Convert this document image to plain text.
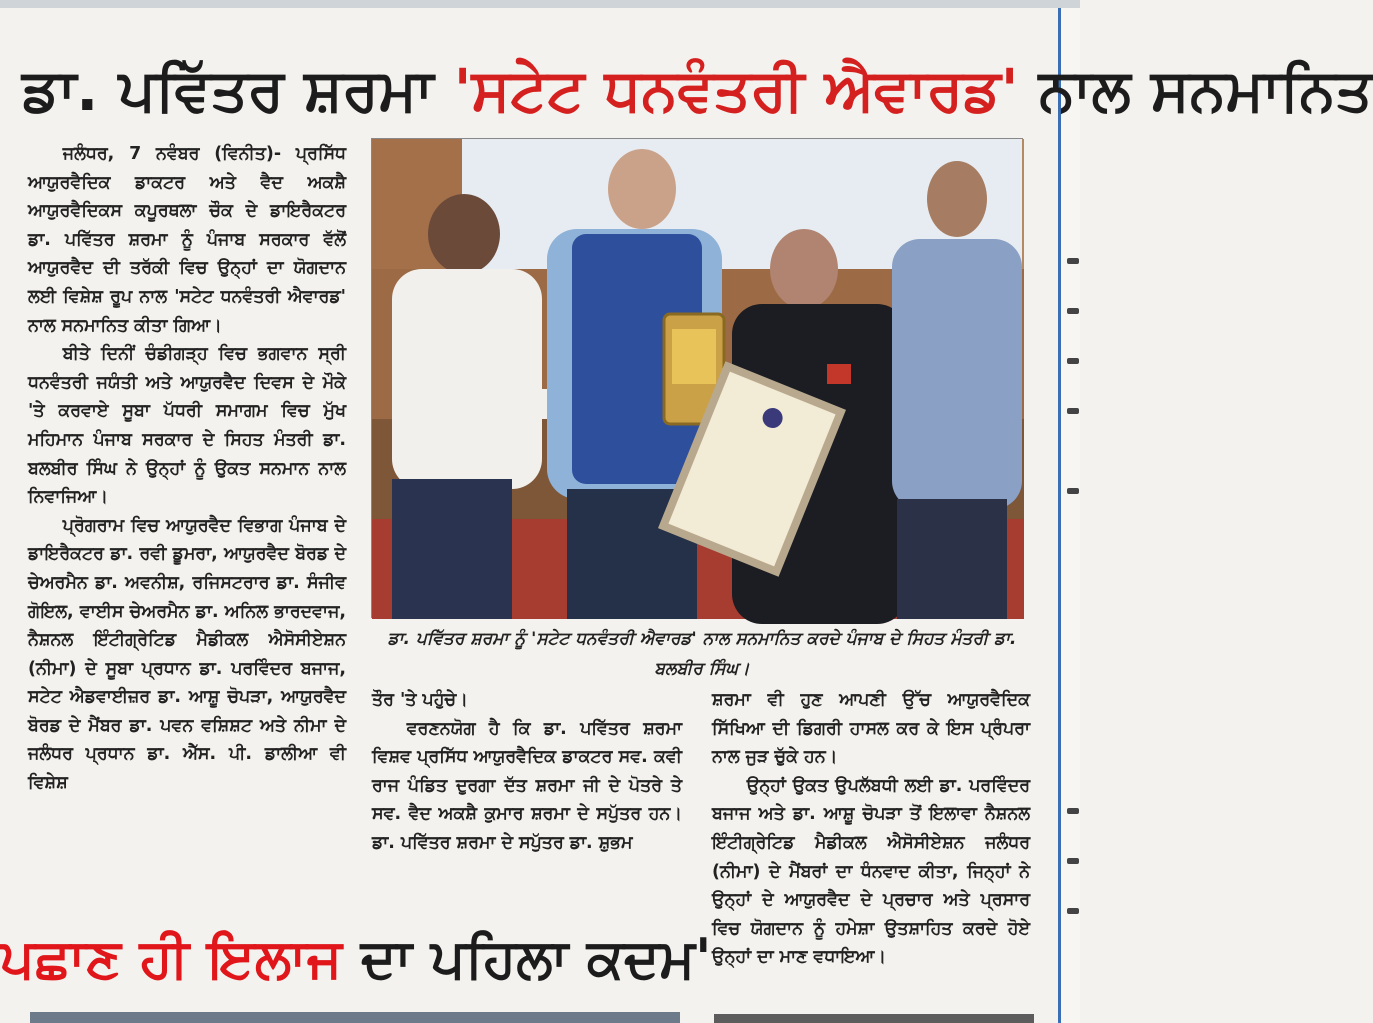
ਡਾ. ਪਵਿੱਤਰ ਸ਼ਰਮਾ 'ਸਟੇਟ ਧਨਵੰਤਰੀ ਐਵਾਰਡ' ਨਾਲ ਸਨਮਾਨਿਤ

ਜਲੰਧਰ, 7 ਨਵੰਬਰ (ਵਿਨੀਤ)- ਪ੍ਰਸਿੱਧ ਆਯੁਰਵੈਦਿਕ ਡਾਕਟਰ ਅਤੇ ਵੈਦ ਅਕਸ਼ੈ ਆਯੁਰਵੈਦਿਕਸ ਕਪੂਰਥਲਾ ਚੌਕ ਦੇ ਡਾਇਰੈਕਟਰ ਡਾ. ਪਵਿੱਤਰ ਸ਼ਰਮਾ ਨੂੰ ਪੰਜਾਬ ਸਰਕਾਰ ਵੱਲੋਂ ਆਯੁਰਵੈਦ ਦੀ ਤਰੱਕੀ ਵਿਚ ਉਨ੍ਹਾਂ ਦਾ ਯੋਗਦਾਨ ਲਈ ਵਿਸ਼ੇਸ਼ ਰੂਪ ਨਾਲ 'ਸਟੇਟ ਧਨਵੰਤਰੀ ਐਵਾਰਡ' ਨਾਲ ਸਨਮਾਨਿਤ ਕੀਤਾ ਗਿਆ।

ਬੀਤੇ ਦਿਨੀਂ ਚੰਡੀਗੜ੍ਹ ਵਿਚ ਭਗਵਾਨ ਸ੍ਰੀ ਧਨਵੰਤਰੀ ਜਯੰਤੀ ਅਤੇ ਆਯੁਰਵੈਦ ਦਿਵਸ ਦੇ ਮੌਕੇ 'ਤੇ ਕਰਵਾਏ ਸੂਬਾ ਪੱਧਰੀ ਸਮਾਗਮ ਵਿਚ ਮੁੱਖ ਮਹਿਮਾਨ ਪੰਜਾਬ ਸਰਕਾਰ ਦੇ ਸਿਹਤ ਮੰਤਰੀ ਡਾ. ਬਲਬੀਰ ਸਿੰਘ ਨੇ ਉਨ੍ਹਾਂ ਨੂੰ ਉਕਤ ਸਨਮਾਨ ਨਾਲ ਨਿਵਾਜਿਆ।

ਪ੍ਰੋਗਰਾਮ ਵਿਚ ਆਯੁਰਵੈਦ ਵਿਭਾਗ ਪੰਜਾਬ ਦੇ ਡਾਇਰੈਕਟਰ ਡਾ. ਰਵੀ ਡੂਮਰਾ, ਆਯੁਰਵੈਦ ਬੋਰਡ ਦੇ ਚੇਅਰਮੈਨ ਡਾ. ਅਵਨੀਸ਼, ਰਜਿਸਟਰਾਰ ਡਾ. ਸੰਜੀਵ ਗੋਇਲ, ਵਾਈਸ ਚੇਅਰਮੈਨ ਡਾ. ਅਨਿਲ ਭਾਰਦਵਾਜ, ਨੈਸ਼ਨਲ ਇੰਟੀਗ੍ਰੇਟਿਡ ਮੈਡੀਕਲ ਐਸੋਸੀਏਸ਼ਨ (ਨੀਮਾ) ਦੇ ਸੂਬਾ ਪ੍ਰਧਾਨ ਡਾ. ਪਰਵਿੰਦਰ ਬਜਾਜ, ਸਟੇਟ ਐਡਵਾਈਜ਼ਰ ਡਾ. ਆਸ਼ੂ ਚੋਪੜਾ, ਆਯੁਰਵੈਦ ਬੋਰਡ ਦੇ ਮੈਂਬਰ ਡਾ. ਪਵਨ ਵਸ਼ਿਸ਼ਟ ਅਤੇ ਨੀਮਾ ਦੇ ਜਲੰਧਰ ਪ੍ਰਧਾਨ ਡਾ. ਐੱਸ. ਪੀ. ਡਾਲੀਆ ਵੀ ਵਿਸ਼ੇਸ਼

ਡਾ. ਪਵਿੱਤਰ ਸ਼ਰਮਾ ਨੂੰ 'ਸਟੇਟ ਧਨਵੰਤਰੀ ਐਵਾਰਡ' ਨਾਲ ਸਨਮਾਨਿਤ ਕਰਦੇ ਪੰਜਾਬ ਦੇ ਸਿਹਤ ਮੰਤਰੀ ਡਾ. ਬਲਬੀਰ ਸਿੰਘ।

ਤੌਰ 'ਤੇ ਪਹੁੰਚੇ।

ਵਰਣਨਯੋਗ ਹੈ ਕਿ ਡਾ. ਪਵਿੱਤਰ ਸ਼ਰਮਾ ਵਿਸ਼ਵ ਪ੍ਰਸਿੱਧ ਆਯੁਰਵੈਦਿਕ ਡਾਕਟਰ ਸਵ. ਕਵੀ ਰਾਜ ਪੰਡਿਤ ਦੁਰਗਾ ਦੱਤ ਸ਼ਰਮਾ ਜੀ ਦੇ ਪੋਤਰੇ ਤੇ ਸਵ. ਵੈਦ ਅਕਸ਼ੈ ਕੁਮਾਰ ਸ਼ਰਮਾ ਦੇ ਸਪੁੱਤਰ ਹਨ। ਡਾ. ਪਵਿੱਤਰ ਸ਼ਰਮਾ ਦੇ ਸਪੁੱਤਰ ਡਾ. ਸ਼ੁਭਮ

ਸ਼ਰਮਾ ਵੀ ਹੁਣ ਆਪਣੀ ਉੱਚ ਆਯੁਰਵੈਦਿਕ ਸਿੱਖਿਆ ਦੀ ਡਿਗਰੀ ਹਾਸਲ ਕਰ ਕੇ ਇਸ ਪ੍ਰੰਪਰਾ ਨਾਲ ਜੁੜ ਚੁੱਕੇ ਹਨ।

ਉਨ੍ਹਾਂ ਉਕਤ ਉਪਲੱਬਧੀ ਲਈ ਡਾ. ਪਰਵਿੰਦਰ ਬਜਾਜ ਅਤੇ ਡਾ. ਆਸ਼ੂ ਚੋਪੜਾ ਤੋਂ ਇਲਾਵਾ ਨੈਸ਼ਨਲ ਇੰਟੀਗ੍ਰੇਟਿਡ ਮੈਡੀਕਲ ਐਸੋਸੀਏਸ਼ਨ ਜਲੰਧਰ (ਨੀਮਾ) ਦੇ ਮੈਂਬਰਾਂ ਦਾ ਧੰਨਵਾਦ ਕੀਤਾ, ਜਿਨ੍ਹਾਂ ਨੇ ਉਨ੍ਹਾਂ ਦੇ ਆਯੁਰਵੈਦ ਦੇ ਪ੍ਰਚਾਰ ਅਤੇ ਪ੍ਰਸਾਰ ਵਿਚ ਯੋਗਦਾਨ ਨੂੰ ਹਮੇਸ਼ਾ ਉਤਸ਼ਾਹਿਤ ਕਰਦੇ ਹੋਏ ਉਨ੍ਹਾਂ ਦਾ ਮਾਣ ਵਧਾਇਆ।

ਪਛਾਣ ਹੀ ਇਲਾਜ ਦਾ ਪਹਿਲਾ ਕਦਮ'
